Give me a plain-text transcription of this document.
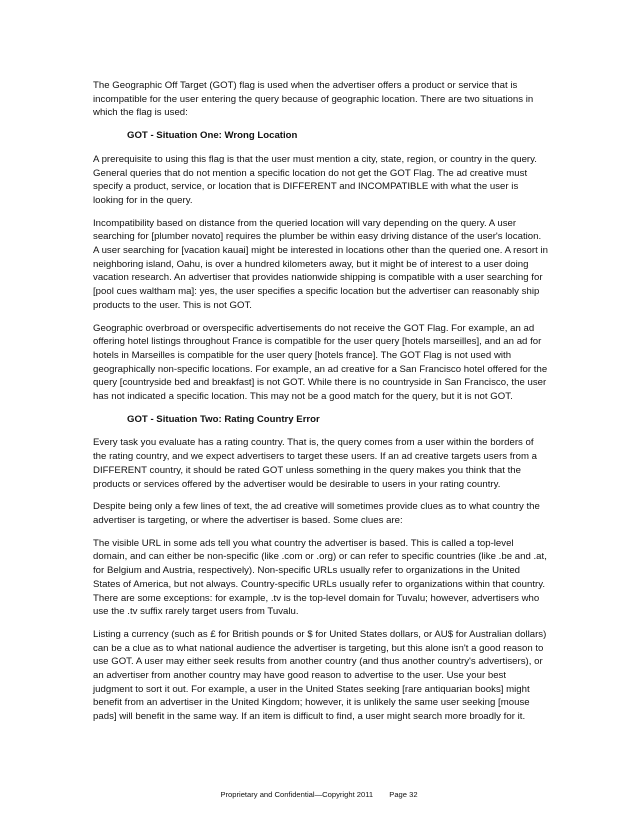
The Geographic Off Target (GOT) flag is used when the advertiser offers a product or service that is incompatible for the user entering the query because of geographic location. There are two situations in which the flag is used:

GOT - Situation One: Wrong Location

A prerequisite to using this flag is that the user must mention a city, state, region, or country in the query. General queries that do not mention a specific location do not get the GOT Flag. The ad creative must specify a product, service, or location that is DIFFERENT and INCOMPATIBLE with what the user is looking for in the query.

Incompatibility based on distance from the queried location will vary depending on the query. A user searching for [plumber novato] requires the plumber be within easy driving distance of the user's location. A user searching for [vacation kauai] might be interested in locations other than the queried one. A resort in neighboring island, Oahu, is over a hundred kilometers away, but it might be of interest to a user doing vacation research. An advertiser that provides nationwide shipping is compatible with a user searching for [pool cues waltham ma]: yes, the user specifies a specific location but the advertiser can reasonably ship products to the user. This is not GOT.

Geographic overbroad or overspecific advertisements do not receive the GOT Flag. For example, an ad offering hotel listings throughout France is compatible for the user query [hotels marseilles], and an ad for hotels in Marseilles is compatible for the user query [hotels france]. The GOT Flag is not used with geographically non-specific locations. For example, an ad creative for a San Francisco hotel offered for the query [countryside bed and breakfast] is not GOT. While there is no countryside in San Francisco, the user has not indicated a specific location. This may not be a good match for the query, but it is not GOT.

GOT - Situation Two: Rating Country Error

Every task you evaluate has a rating country. That is, the query comes from a user within the borders of the rating country, and we expect advertisers to target these users. If an ad creative targets users from a DIFFERENT country, it should be rated GOT unless something in the query makes you think that the products or services offered by the advertiser would be desirable to users in your rating country.

Despite being only a few lines of text, the ad creative will sometimes provide clues as to what country the advertiser is targeting, or where the advertiser is based. Some clues are:

The visible URL in some ads tell you what country the advertiser is based. This is called a top-level domain, and can either be non-specific (like .com or .org) or can refer to specific countries (like .be and .at, for Belgium and Austria, respectively). Non-specific URLs usually refer to organizations in the United States of America, but not always. Country-specific URLs usually refer to organizations within that country. There are some exceptions: for example, .tv is the top-level domain for Tuvalu; however, advertisers who use the .tv suffix rarely target users from Tuvalu.

Listing a currency (such as £ for British pounds or $ for United States dollars, or AU$ for Australian dollars) can be a clue as to what national audience the advertiser is targeting, but this alone isn't a good reason to use GOT. A user may either seek results from another country (and thus another country's advertisers), or an advertiser from another country may have good reason to advertise to the user. Use your best judgment to sort it out. For example, a user in the United States seeking [rare antiquarian books] might benefit from an advertiser in the United Kingdom; however, it is unlikely the same user seeking [mouse pads] will benefit in the same way. If an item is difficult to find, a user might search more broadly for it.

Proprietary and Confidential—Copyright 2011 Page 32
